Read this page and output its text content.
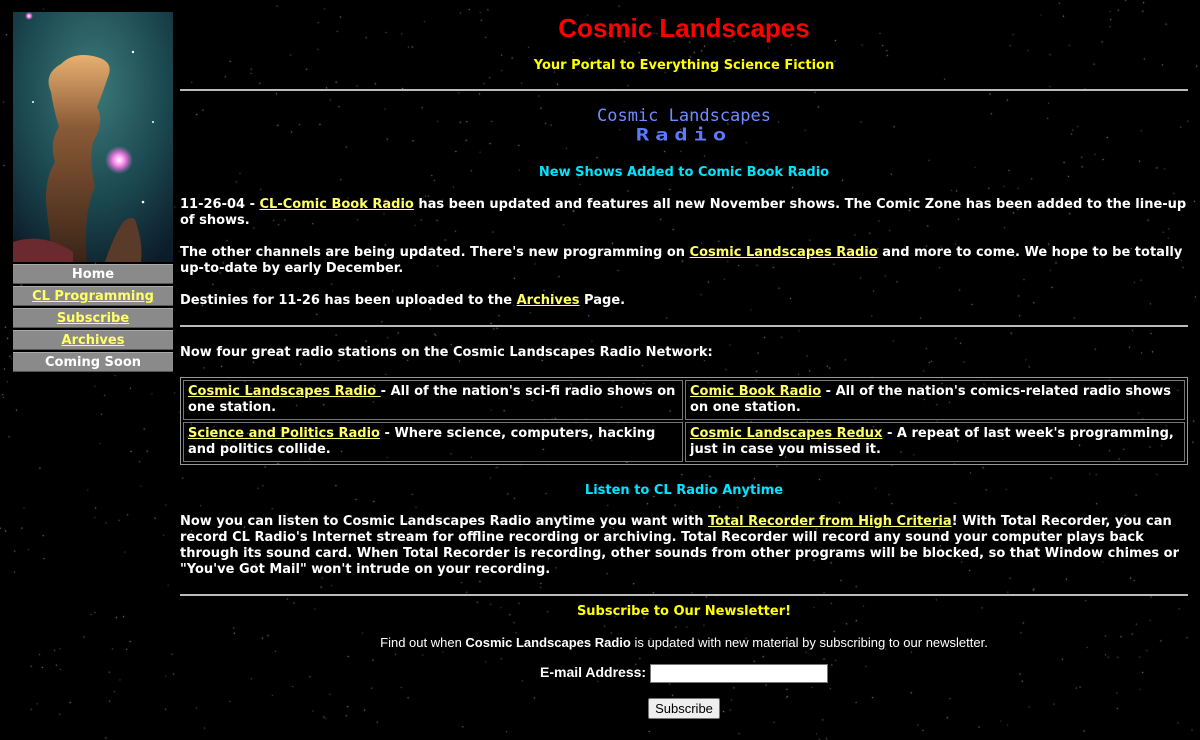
Home
CL Programming
Subscribe
Archives
Coming Soon
Cosmic Landscapes
Your Portal to Everything Science Fiction
Cosmic Landscapes
Radio
New Shows Added to Comic Book Radio

11-26-04 - CL-Comic Book Radio has been updated and features all new November shows. The Comic Zone has been added to the line-up of shows.

The other channels are being updated. There's new programming on Cosmic Landscapes Radio and more to come. We hope to be totally up-to-date by early December.

Destinies for 11-26 has been uploaded to the Archives Page.

Now four great radio stations on the Cosmic Landscapes Radio Network:

Cosmic Landscapes Radio - All of the nation's sci-fi radio shows on one station.	Comic Book Radio - All of the nation's comics-related radio shows on one station.
Science and Politics Radio - Where science, computers, hacking and politics collide.	Cosmic Landscapes Redux - A repeat of last week's programming, just in case you missed it.
Listen to CL Radio Anytime

Now you can listen to Cosmic Landscapes Radio anytime you want with Total Recorder from High Criteria! With Total Recorder, you can record CL Radio's Internet stream for offline recording or archiving. Total Recorder will record any sound your computer plays back through its sound card. When Total Recorder is recording, other sounds from other programs will be blocked, so that Window chimes or "You've Got Mail" won't intrude on your recording.

Subscribe to Our Newsletter!
Find out when Cosmic Landscapes Radio is updated with new material by subscribing to our newsletter.
E-mail Address:
Subscribe
